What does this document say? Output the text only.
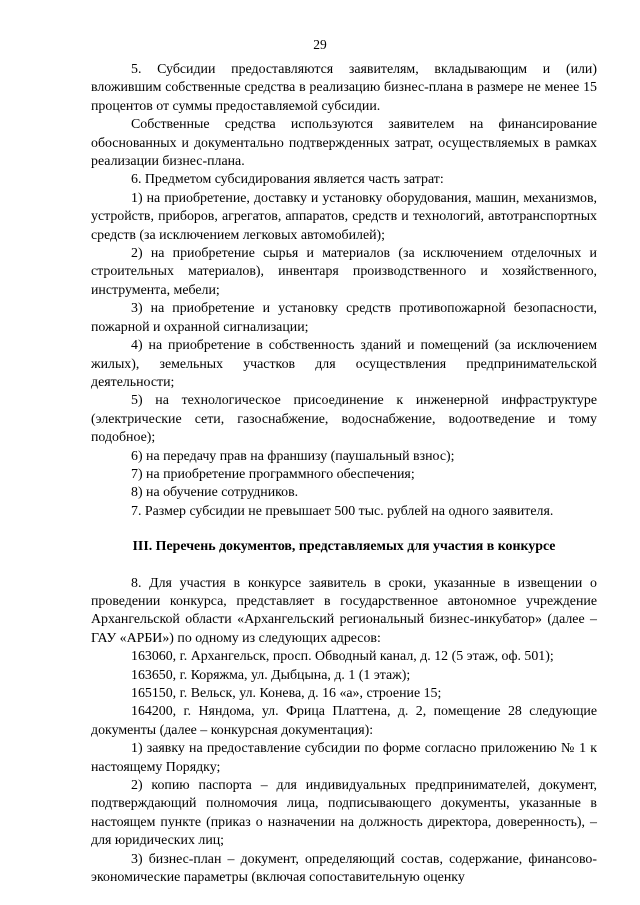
29

5. Субсидии предоставляются заявителям, вкладывающим и (или) вложившим собственные средства в реализацию бизнес-плана в размере не менее 15 процентов от суммы предоставляемой субсидии.

Собственные средства используются заявителем на финансирование обоснованных и документально подтвержденных затрат, осуществляемых в рамках реализации бизнес-плана.

6. Предметом субсидирования является часть затрат:

1) на приобретение, доставку и установку оборудования, машин, механизмов, устройств, приборов, агрегатов, аппаратов, средств и технологий, автотранспортных средств (за исключением легковых автомобилей);

2) на приобретение сырья и материалов (за исключением отделочных и строительных материалов), инвентаря производственного и хозяйственного, инструмента, мебели;

3) на приобретение и установку средств противопожарной безопасности, пожарной и охранной сигнализации;

4) на приобретение в собственность зданий и помещений (за исключением жилых), земельных участков для осуществления предпринимательской деятельности;

5) на технологическое присоединение к инженерной инфраструктуре (электрические сети, газоснабжение, водоснабжение, водоотведение и тому подобное);

6) на передачу прав на франшизу (паушальный взнос);

7) на приобретение программного обеспечения;

8) на обучение сотрудников.

7. Размер субсидии не превышает 500 тыс. рублей на одного заявителя.

III. Перечень документов, представляемых для участия в конкурсе

8. Для участия в конкурсе заявитель в сроки, указанные в извещении о проведении конкурса, представляет в государственное автономное учреждение Архангельской области «Архангельский региональный бизнес-инкубатор» (далее – ГАУ «АРБИ») по одному из следующих адресов:

163060, г. Архангельск, просп. Обводный канал, д. 12 (5 этаж, оф. 501);

163650, г. Коряжма, ул. Дыбцына, д. 1 (1 этаж);

165150, г. Вельск, ул. Конева, д. 16 «а», строение 15;

164200, г. Няндома, ул. Фрица Платтена, д. 2, помещение 28 следующие документы (далее – конкурсная документация):

1) заявку на предоставление субсидии по форме согласно приложению № 1 к настоящему Порядку;

2) копию паспорта – для индивидуальных предпринимателей, документ, подтверждающий полномочия лица, подписывающего документы, указанные в настоящем пункте (приказ о назначении на должность директора, доверенность), – для юридических лиц;

3) бизнес-план – документ, определяющий состав, содержание, финансово-экономические параметры (включая сопоставительную оценку
